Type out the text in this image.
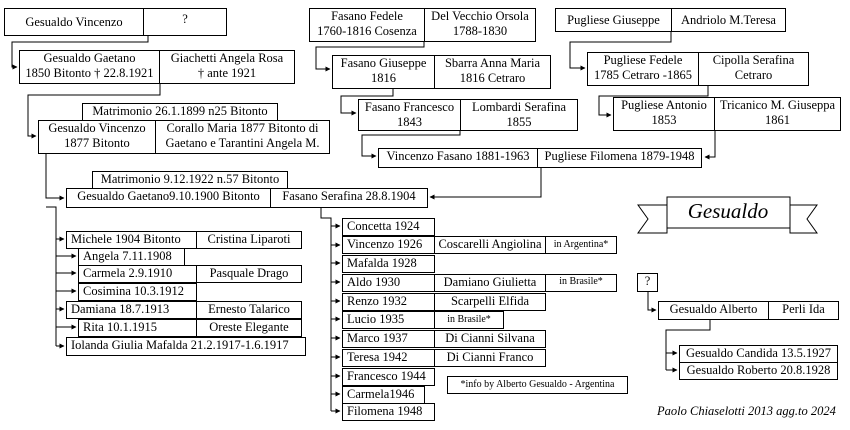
Gesualdo Vincenzo	?
Gesualdo Gaetano
1850 Bitonto † 22.8.1921
Giachetti Angela Rosa
† ante 1921
Matrimonio 26.1.1899 n25 Bitonto
Gesualdo Vincenzo
1877 Bitonto
Corallo Maria 1877 Bitonto di
Gaetano e Tarantini Angela M.
Fasano Fedele
1760-1816 Cosenza
Del Vecchio Orsola
1788-1830
Fasano Giuseppe
1816
Sbarra Anna Maria
1816 Cetraro
Fasano Francesco
1843
Lombardi Serafina
1855
Vincenzo Fasano 1881-1963	Pugliese Filomena 1879-1948
Pugliese Giuseppe	Andriolo M.Teresa
Pugliese Fedele
1785 Cetraro -1865
Cipolla Serafina
Cetraro
Pugliese Antonio
1853
Tricanico M. Giuseppa
1861
Matrimonio 9.12.1922 n.57 Bitonto
Gesualdo Gaetano9.10.1900 Bitonto	Fasano Serafina 28.8.1904
Michele 1904 Bitonto	Cristina Liparoti
Angela 7.11.1908
Carmela 2.9.1910	Pasquale Drago
Cosimina 10.3.1912
Damiana 18.7.1913	Ernesto Talarico
Rita 10.1.1915	Oreste Elegante
Iolanda Giulia Mafalda 21.2.1917-1.6.1917
Concetta 1924
Vincenzo 1926	Coscarelli Angiolina	in Argentina*
Mafalda 1928
Aldo 1930	Damiano Giulietta	in Brasile*
Renzo 1932	Scarpelli Elfida
Lucio 1935	in Brasile*
Marco 1937	Di Cianni Silvana
Teresa 1942	Di Cianni Franco
Francesco 1944
Carmela1946
Filomena 1948
*info by Alberto Gesualdo - Argentina
Gesualdo
?
Gesualdo Alberto	Perli Ida
Gesualdo Candida 13.5.1927
Gesualdo Roberto 20.8.1928
Paolo Chiaselotti 2013 agg.to 2024
